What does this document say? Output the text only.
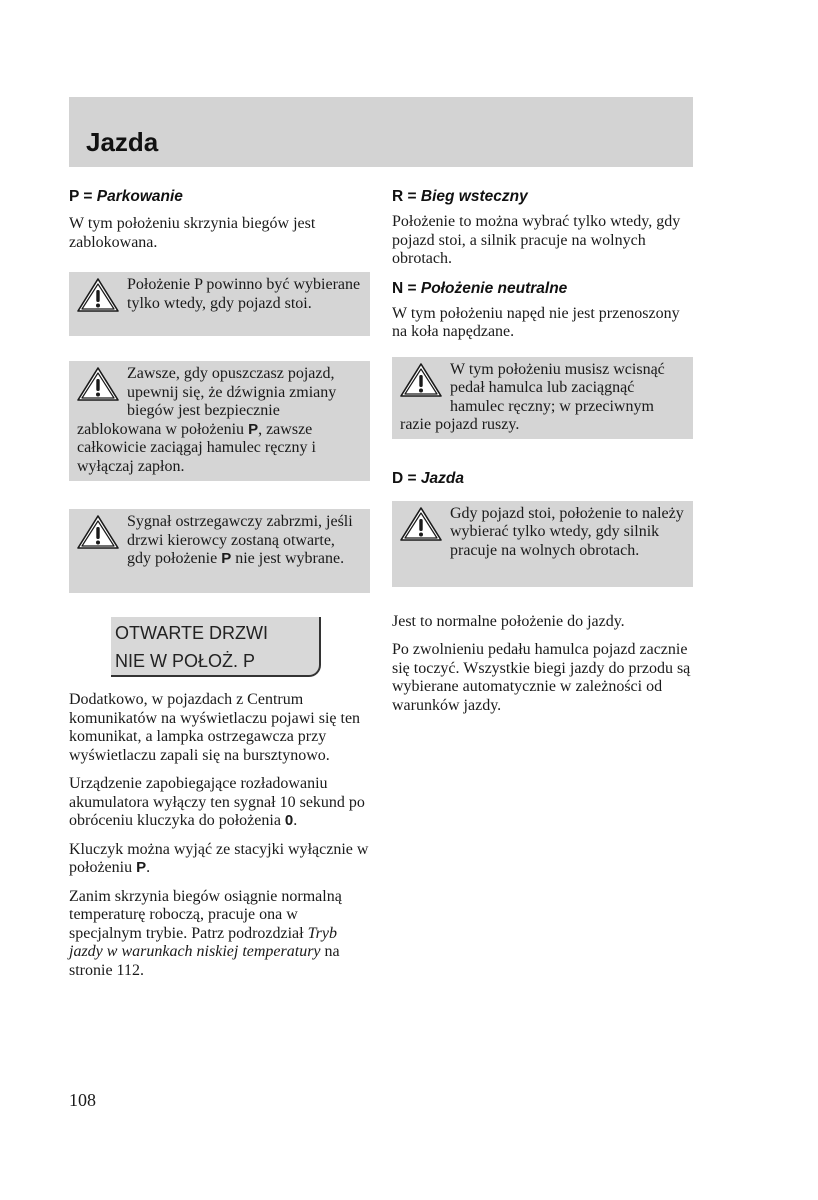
Jazda

P = Parkowanie

W tym położeniu skrzynia biegów jest zablokowana.

Położenie P powinno być wybierane tylko wtedy, gdy pojazd stoi.
Zawsze, gdy opuszczasz pojazd, upewnij się, że dźwignia zmiany biegów jest bezpiecznie zablokowana w położeniu P, zawsze całkowicie zaciągaj hamulec ręczny i wyłączaj zapłon.
Sygnał ostrzegawczy zabrzmi, jeśli drzwi kierowcy zostaną otwarte, gdy położenie P nie jest wybrane.
OTWARTE DRZWI
NIE W POŁOŻ. P

Dodatkowo, w pojazdach z Centrum komunikatów na wyświetlaczu pojawi się ten komunikat, a lampka ostrzegawcza przy wyświetlaczu zapali się na bursztynowo.

Urządzenie zapobiegające rozładowaniu akumulatora wyłączy ten sygnał 10 sekund po obróceniu kluczyka do położenia 0.

Kluczyk można wyjąć ze stacyjki wyłącznie w położeniu P.

Zanim skrzynia biegów osiągnie normalną temperaturę roboczą, pracuje ona w specjalnym trybie. Patrz podrozdział Tryb jazdy w warunkach niskiej temperatury na stronie 112.

R = Bieg wsteczny

Położenie to można wybrać tylko wtedy, gdy pojazd stoi, a silnik pracuje na wolnych obrotach.

N = Położenie neutralne

W tym położeniu napęd nie jest przenoszony na koła napędzane.

W tym położeniu musisz wcisnąć pedał hamulca lub zaciągnąć hamulec ręczny; w przeciwnym razie pojazd ruszy.

D = Jazda

Gdy pojazd stoi, położenie to należy wybierać tylko wtedy, gdy silnik pracuje na wolnych obrotach.

Jest to normalne położenie do jazdy.

Po zwolnieniu pedału hamulca pojazd zacznie się toczyć. Wszystkie biegi jazdy do przodu są wybierane automatycznie w zależności od warunków jazdy.

108
